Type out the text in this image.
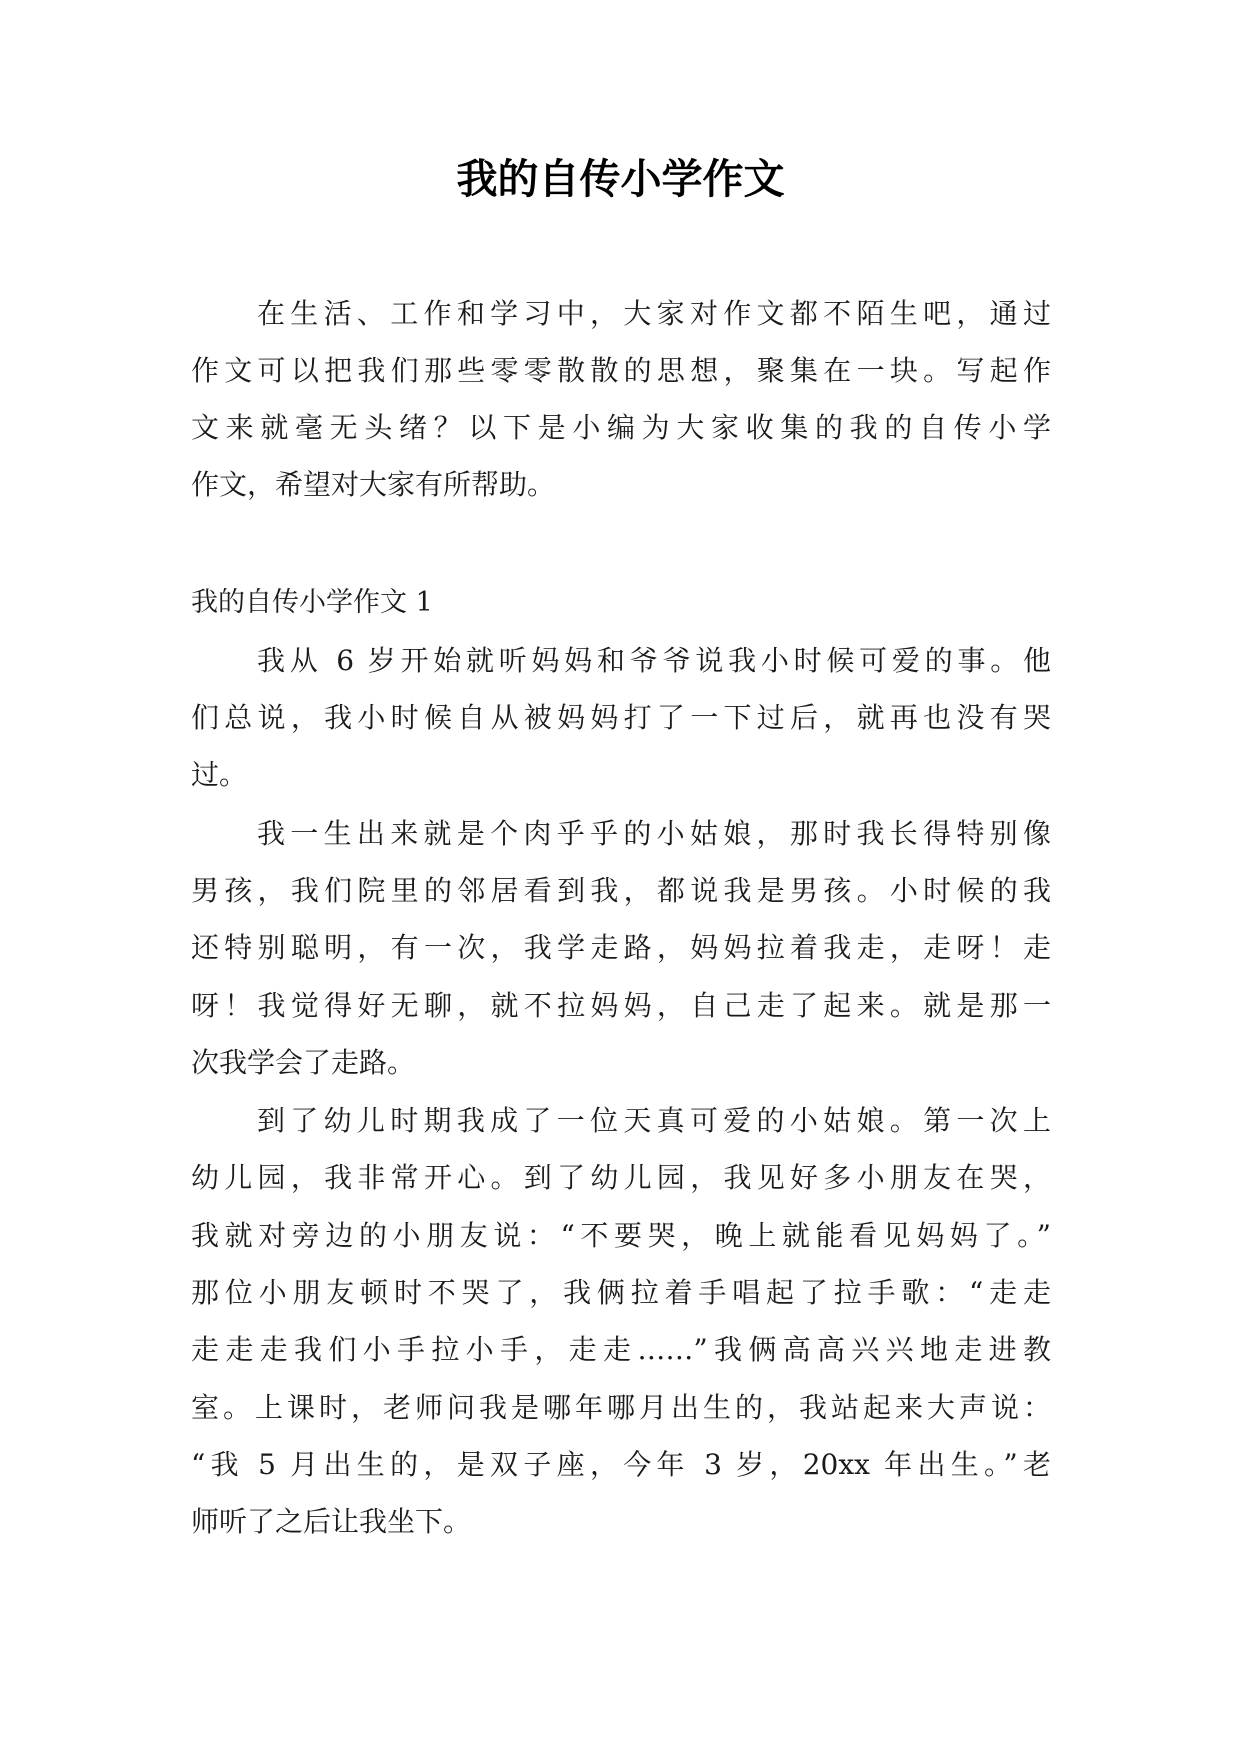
我的自传小学作文
在生活、工作和学习中，大家对作文都不陌生吧，通过
作文可以把我们那些零零散散的思想，聚集在一块。写起作
文来就毫无头绪？以下是小编为大家收集的我的自传小学
作文，希望对大家有所帮助。
我的自传小学作文 1
我从 6 岁开始就听妈妈和爷爷说我小时候可爱的事。他
们总说，我小时候自从被妈妈打了一下过后，就再也没有哭
过。
我一生出来就是个肉乎乎的小姑娘，那时我长得特别像
男孩，我们院里的邻居看到我，都说我是男孩。小时候的我
还特别聪明，有一次，我学走路，妈妈拉着我走，走呀！走
呀！我觉得好无聊，就不拉妈妈，自己走了起来。就是那一
次我学会了走路。
到了幼儿时期我成了一位天真可爱的小姑娘。第一次上
幼儿园，我非常开心。到了幼儿园，我见好多小朋友在哭，
我就对旁边的小朋友说：“不要哭，晚上就能看见妈妈了。”
那位小朋友顿时不哭了，我俩拉着手唱起了拉手歌：“走走
走走走我们小手拉小手，走走……”我俩高高兴兴地走进教
室。上课时，老师问我是哪年哪月出生的，我站起来大声说：
“我 5 月出生的，是双子座，今年 3 岁，20xx 年出生。”老
师听了之后让我坐下。
